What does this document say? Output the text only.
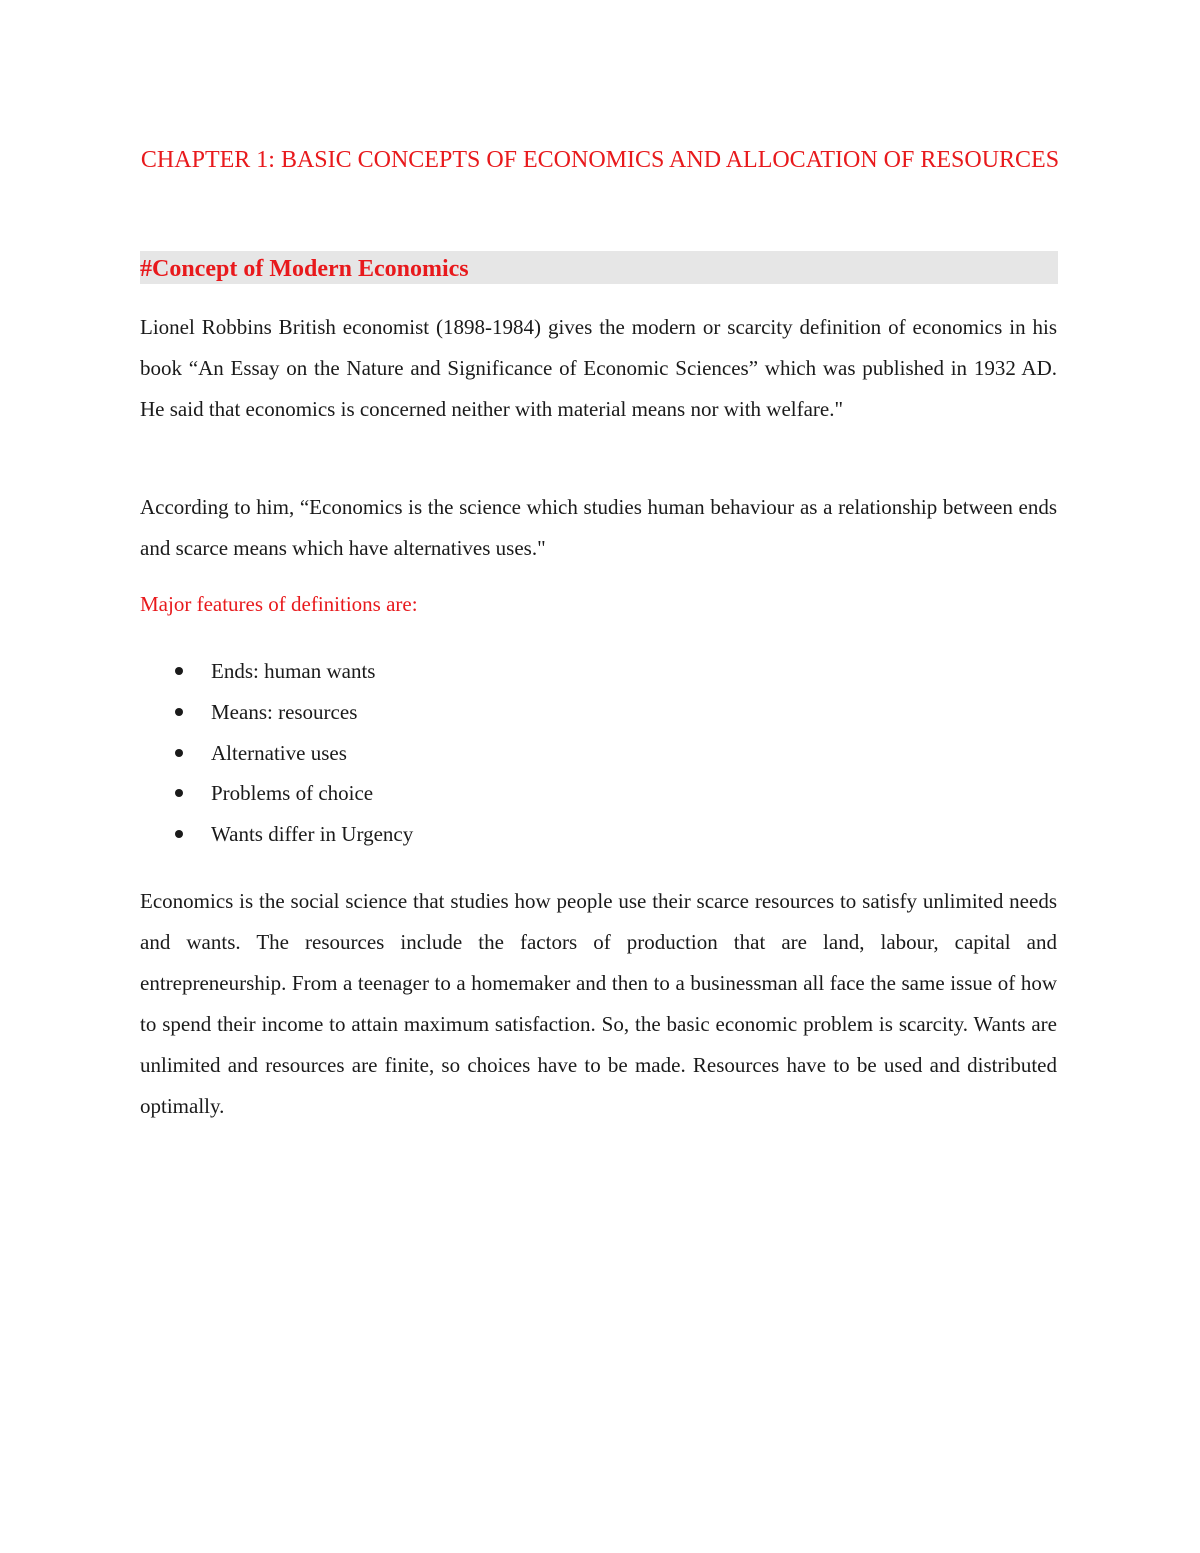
CHAPTER 1: BASIC CONCEPTS OF ECONOMICS AND ALLOCATION OF RESOURCES
#Concept of Modern Economics

Lionel Robbins British economist (1898-1984) gives the modern or scarcity definition of economics in his book “An Essay on the Nature and Significance of Economic Sciences” which was published in 1932 AD. He said that economics is concerned neither with material means nor with welfare."

According to him, “Economics is the science which studies human behaviour as a relationship between ends and scarce means which have alternatives uses."

Major features of definitions are:

Ends: human wants
Means: resources
Alternative uses
Problems of choice
Wants differ in Urgency

Economics is the social science that studies how people use their scarce resources to satisfy unlimited needs and wants. The resources include the factors of production that are land, labour, capital and entrepreneurship. From a teenager to a homemaker and then to a businessman all face the same issue of how to spend their income to attain maximum satisfaction. So, the basic economic problem is scarcity. Wants are unlimited and resources are finite, so choices have to be made. Resources have to be used and distributed optimally.
